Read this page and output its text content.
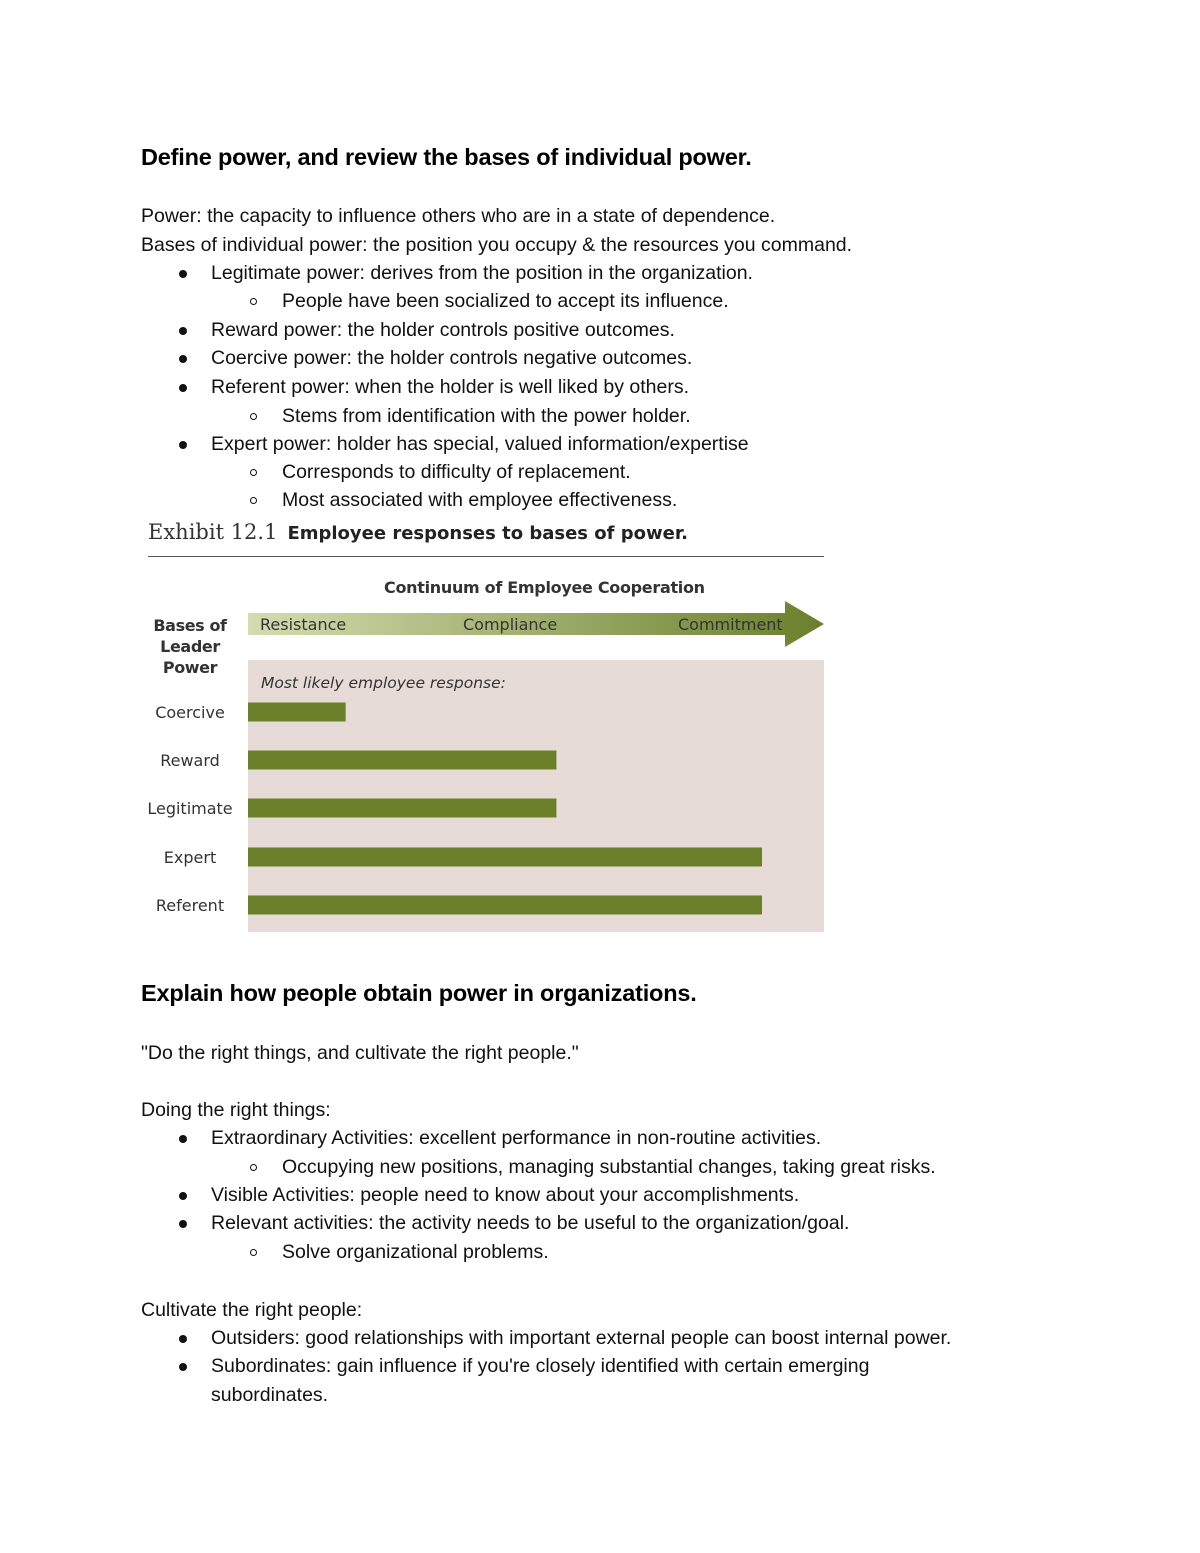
Define power, and review the bases of individual power.

Power: the capacity to influence others who are in a state of dependence.

Bases of individual power: the position you occupy & the resources you command.

Legitimate power: derives from the position in the organization.

People have been socialized to accept its influence.

Reward power: the holder controls positive outcomes.

Coercive power: the holder controls negative outcomes.

Referent power: when the holder is well liked by others.

Stems from identification with the power holder.

Expert power: holder has special, valued information/expertise

Corresponds to difficulty of replacement.

Most associated with employee effectiveness.

Exhibit 12.1 Employee responses to bases of power.
Continuum of Employee Cooperation
Bases of
Leader
Power
Resistance	Compliance	Commitment
Most likely employee response:
Coercive
Reward
Legitimate
Expert
Referent
Explain how people obtain power in organizations.

"Do the right things, and cultivate the right people."

Doing the right things:

Extraordinary Activities: excellent performance in non-routine activities.

Occupying new positions, managing substantial changes, taking great risks.

Visible Activities: people need to know about your accomplishments.

Relevant activities: the activity needs to be useful to the organization/goal.

Solve organizational problems.

Cultivate the right people:

Outsiders: good relationships with important external people can boost internal power.

Subordinates: gain influence if you're closely identified with certain emerging

subordinates.
